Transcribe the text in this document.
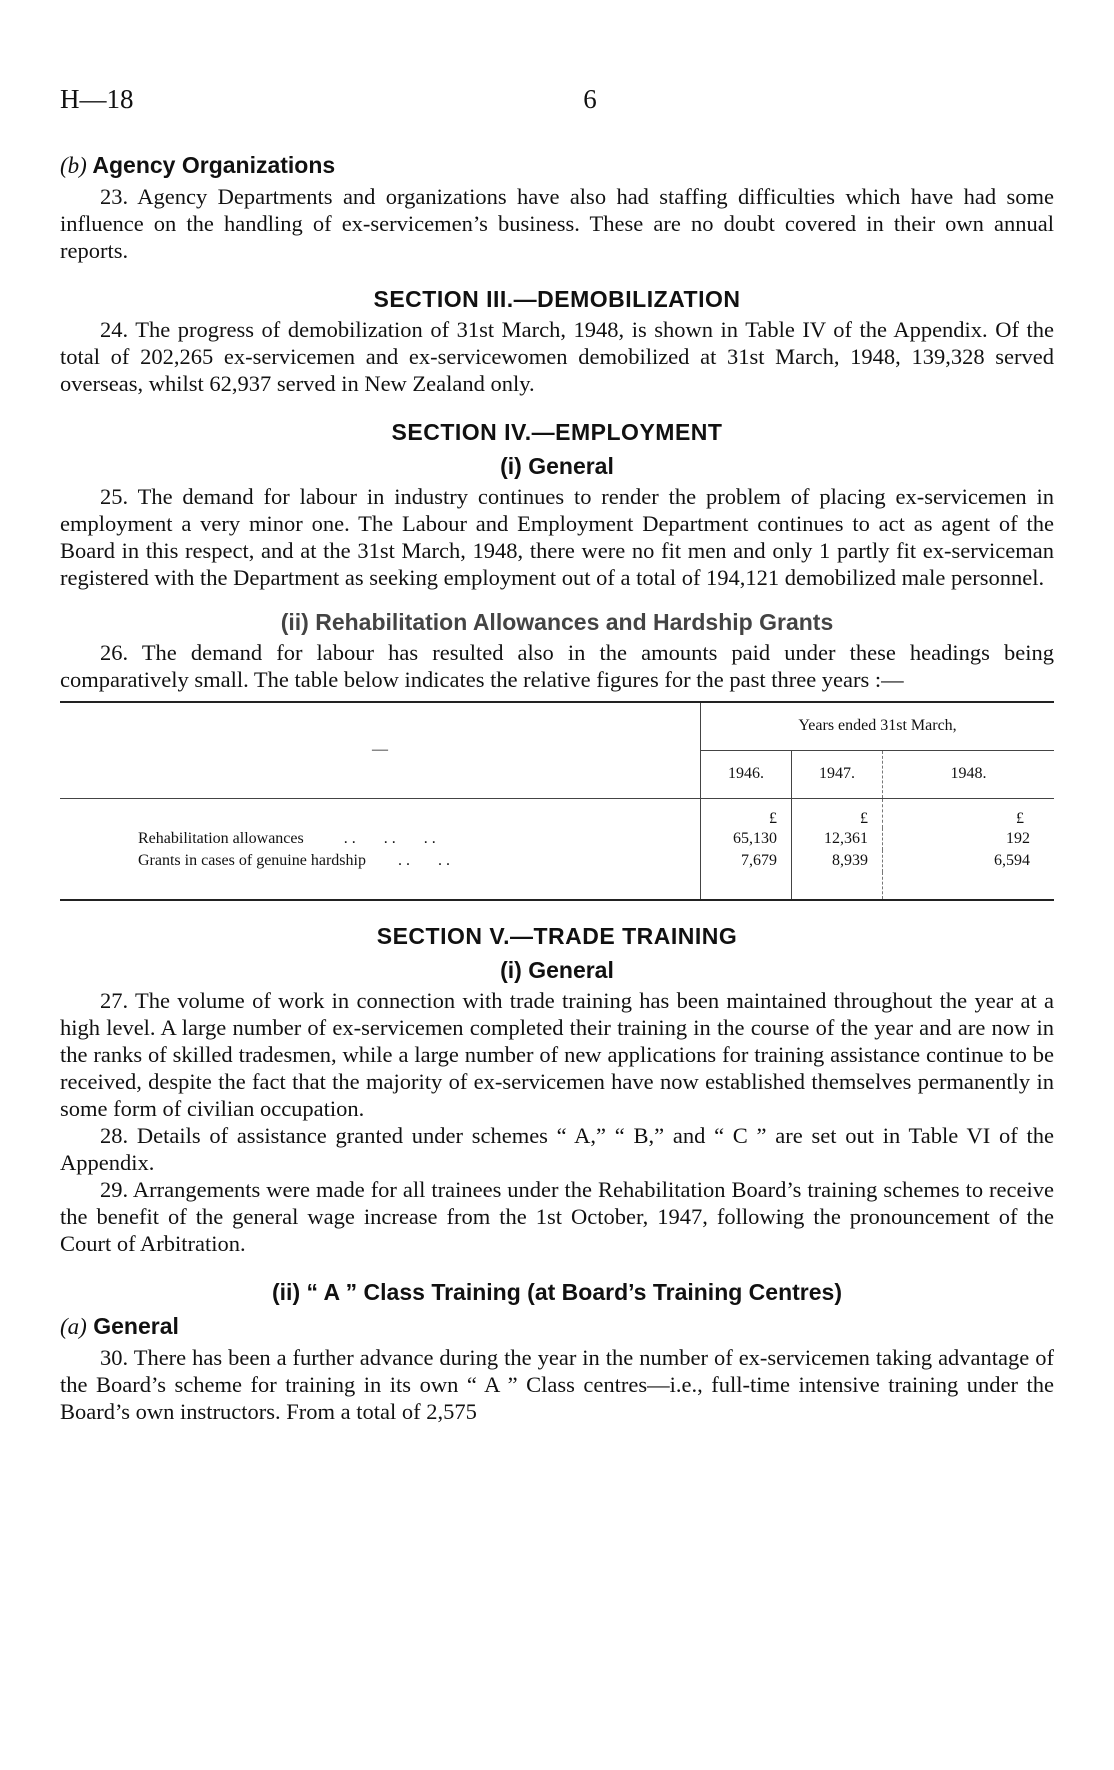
H—18	6
(b) Agency Organizations

23. Agency Departments and organizations have also had staffing difficulties which have had some influence on the handling of ex-servicemen’s business. These are no doubt covered in their own annual reports.

SECTION III.—DEMOBILIZATION

24. The progress of demobilization of 31st March, 1948, is shown in Table IV of the Appendix. Of the total of 202,265 ex-servicemen and ex-servicewomen demobilized at 31st March, 1948, 139,328 served overseas, whilst 62,937 served in New Zealand only.

SECTION IV.—EMPLOYMENT
(i) General

25. The demand for labour in industry continues to render the problem of placing ex-servicemen in employment a very minor one. The Labour and Employment Department continues to act as agent of the Board in this respect, and at the 31st March, 1948, there were no fit men and only 1 partly fit ex-serviceman registered with the Department as seeking employment out of a total of 194,121 demobilized male personnel.

(ii) Rehabilitation Allowances and Hardship Grants

26. The demand for labour has resulted also in the amounts paid under these headings being comparatively small. The table below indicates the relative figures for the past three years :—

—	Years ended 31st March,		
	1946.	1947.	1948.
	£	£	£
Rehabilitation allowances . .       . .       . .	65,130	12,361	192
Grants in cases of genuine hardship . .       . .	7,679	8,939	6,594

SECTION V.—TRADE TRAINING
(i) General

27. The volume of work in connection with trade training has been maintained throughout the year at a high level. A large number of ex-servicemen completed their training in the course of the year and are now in the ranks of skilled tradesmen, while a large number of new applications for training assistance continue to be received, despite the fact that the majority of ex-servicemen have now established themselves permanently in some form of civilian occupation.

28. Details of assistance granted under schemes “ A,” “ B,” and “ C ” are set out in Table VI of the Appendix.

29. Arrangements were made for all trainees under the Rehabilitation Board’s training schemes to receive the benefit of the general wage increase from the 1st October, 1947, following the pronouncement of the Court of Arbitration.

(ii) “ A ” Class Training (at Board’s Training Centres)
(a) General

30. There has been a further advance during the year in the number of ex-servicemen taking advantage of the Board’s scheme for training in its own “ A ” Class centres—i.e., full-time intensive training under the Board’s own instructors. From a total of 2,575
